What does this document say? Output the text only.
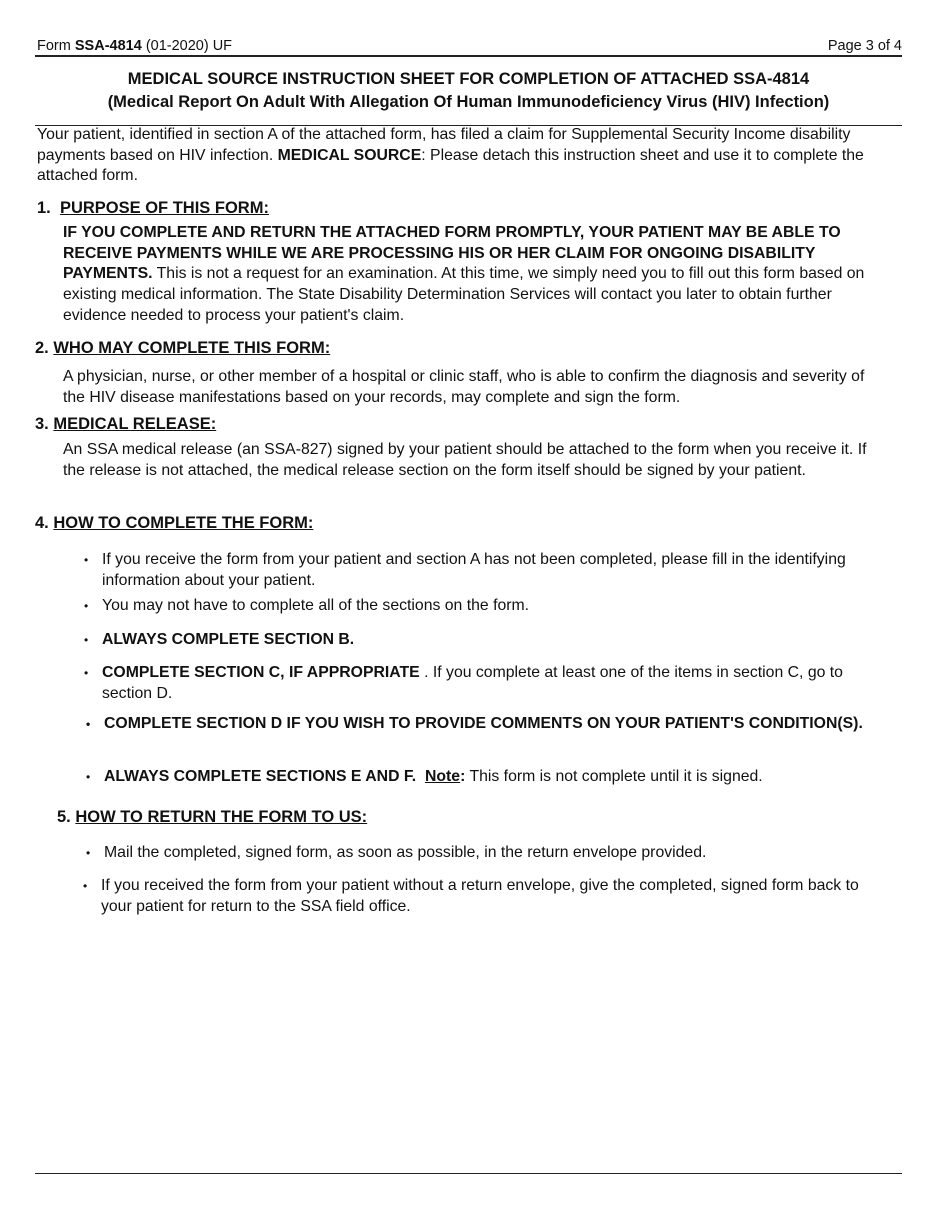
Form SSA-4814 (01-2020) UF	Page 3 of 4
MEDICAL SOURCE INSTRUCTION SHEET FOR COMPLETION OF ATTACHED SSA-4814
(Medical Report On Adult With Allegation Of Human Immunodeficiency Virus (HIV) Infection)
Your patient, identified in section A of the attached form, has filed a claim for Supplemental Security Income disability payments based on HIV infection. MEDICAL SOURCE: Please detach this instruction sheet and use it to complete the attached form.
1. PURPOSE OF THIS FORM:
IF YOU COMPLETE AND RETURN THE ATTACHED FORM PROMPTLY, YOUR PATIENT MAY BE ABLE TO RECEIVE PAYMENTS WHILE WE ARE PROCESSING HIS OR HER CLAIM FOR ONGOING DISABILITY PAYMENTS. This is not a request for an examination. At this time, we simply need you to fill out this form based on existing medical information. The State Disability Determination Services will contact you later to obtain further evidence needed to process your patient's claim.
2. WHO MAY COMPLETE THIS FORM:
A physician, nurse, or other member of a hospital or clinic staff, who is able to confirm the diagnosis and severity of the HIV disease manifestations based on your records, may complete and sign the form.
3. MEDICAL RELEASE:
An SSA medical release (an SSA-827) signed by your patient should be attached to the form when you receive it. If the release is not attached, the medical release section on the form itself should be signed by your patient.
4. HOW TO COMPLETE THE FORM:
• If you receive the form from your patient and section A has not been completed, please fill in the identifying information about your patient.
• You may not have to complete all of the sections on the form.
• ALWAYS COMPLETE SECTION B.
• COMPLETE SECTION C, IF APPROPRIATE . If you complete at least one of the items in section C, go to section D.
• COMPLETE SECTION D IF YOU WISH TO PROVIDE COMMENTS ON YOUR PATIENT'S CONDITION(S).
• ALWAYS COMPLETE SECTIONS E AND F. Note: This form is not complete until it is signed.
5. HOW TO RETURN THE FORM TO US:
• Mail the completed, signed form, as soon as possible, in the return envelope provided.
• If you received the form from your patient without a return envelope, give the completed, signed form back to your patient for return to the SSA field office.
